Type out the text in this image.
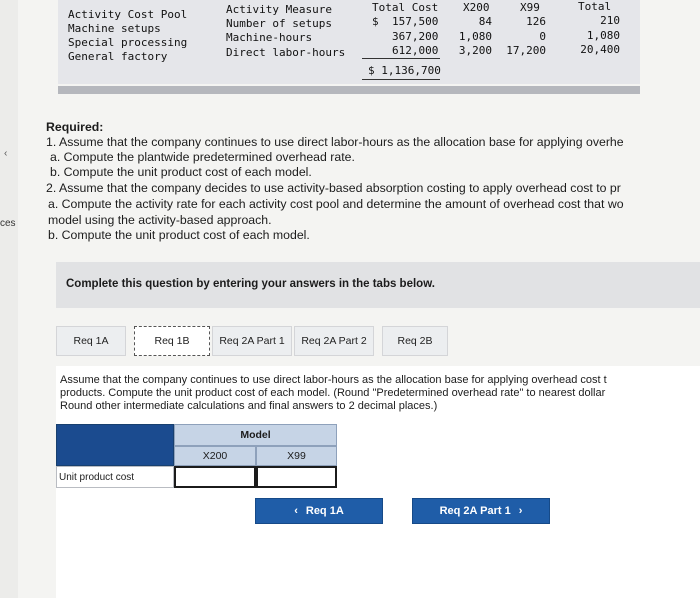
‹
ces
Activity Cost Pool	Activity Measure	Total Cost X200	X99	Total
Machine setups	Number of setups	$ 157,500	84	126	210
Special processing	Machine-hours	367,200	1,080	0	1,080
General factory	Direct labor-hours	612,000	3,200	17,200	20,400
$ 1,136,700
Required:
1. Assume that the company continues to use direct labor-hours as the allocation base for applying overhe
a. Compute the plantwide predetermined overhead rate.
b. Compute the unit product cost of each model.
2. Assume that the company decides to use activity-based absorption costing to apply overhead cost to pr
a. Compute the activity rate for each activity cost pool and determine the amount of overhead cost that wo
model using the activity-based approach.
b. Compute the unit product cost of each model.
Complete this question by entering your answers in the tabs below.
Req 1A	Req 1B	Req 2A Part 1	Req 2A Part 2	Req 2B
Assume that the company continues to use direct labor-hours as the allocation base for applying overhead cost t
products. Compute the unit product cost of each model. (Round "Predetermined overhead rate" to nearest dollar
Round other intermediate calculations and final answers to 2 decimal places.)
Model
X200	X99
Unit product cost
‹ Req 1A	Req 2A Part 1 ›
